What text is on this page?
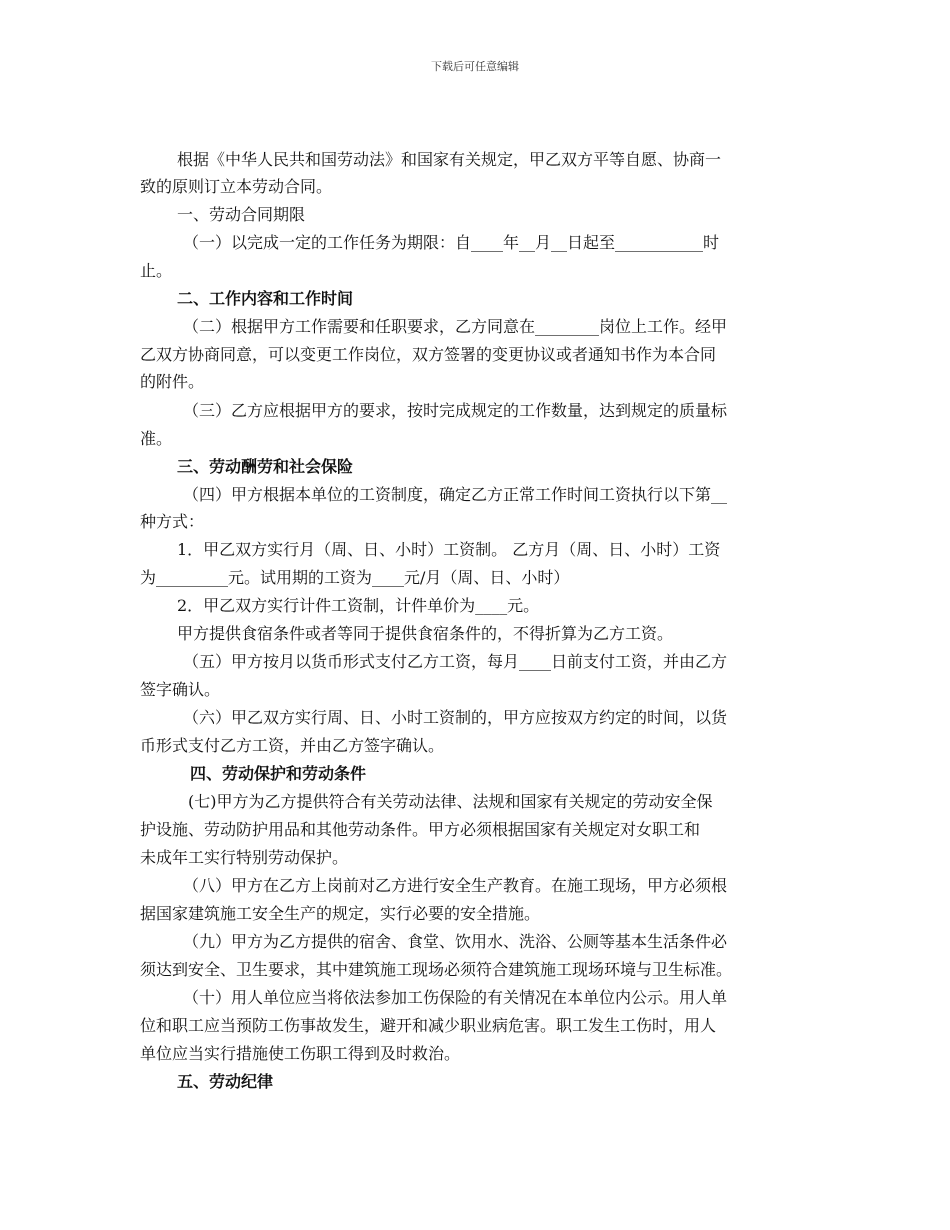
下载后可任意编辑
根据《中华人民共和国劳动法》和国家有关规定，甲乙双方平等自愿、协商一
致的原则订立本劳动合同。
一、劳动合同期限
（一）以完成一定的工作任务为期限：自____年__月__日起至___________时
止。
二、工作内容和工作时间
（二）根据甲方工作需要和任职要求，乙方同意在________岗位上工作。经甲
乙双方协商同意，可以变更工作岗位，双方签署的变更协议或者通知书作为本合同
的附件。
（三）乙方应根据甲方的要求，按时完成规定的工作数量，达到规定的质量标
准。
三、劳动酬劳和社会保险
（四）甲方根据本单位的工资制度，确定乙方正常工作时间工资执行以下第__
种方式：
1．甲乙双方实行月（周、日、小时）工资制。 乙方月（周、日、小时）工资
为_________元。试用期的工资为____元/月（周、日、小时）
2．甲乙双方实行计件工资制，计件单价为____元。
甲方提供食宿条件或者等同于提供食宿条件的，不得折算为乙方工资。
（五）甲方按月以货币形式支付乙方工资，每月____日前支付工资，并由乙方
签字确认。
（六）甲乙双方实行周、日、小时工资制的，甲方应按双方约定的时间，以货
币形式支付乙方工资，并由乙方签字确认。
四、劳动保护和劳动条件
(七)甲方为乙方提供符合有关劳动法律、法规和国家有关规定的劳动安全保
护设施、劳动防护用品和其他劳动条件。甲方必须根据国家有关规定对女职工和
未成年工实行特别劳动保护。
（八）甲方在乙方上岗前对乙方进行安全生产教育。在施工现场，甲方必须根
据国家建筑施工安全生产的规定，实行必要的安全措施。
（九）甲方为乙方提供的宿舍、食堂、饮用水、洗浴、公厕等基本生活条件必
须达到安全、卫生要求，其中建筑施工现场必须符合建筑施工现场环境与卫生标准。
（十）用人单位应当将依法参加工伤保险的有关情况在本单位内公示。用人单
位和职工应当预防工伤事故发生，避开和减少职业病危害。职工发生工伤时，用人
单位应当实行措施使工伤职工得到及时救治。
五、劳动纪律
